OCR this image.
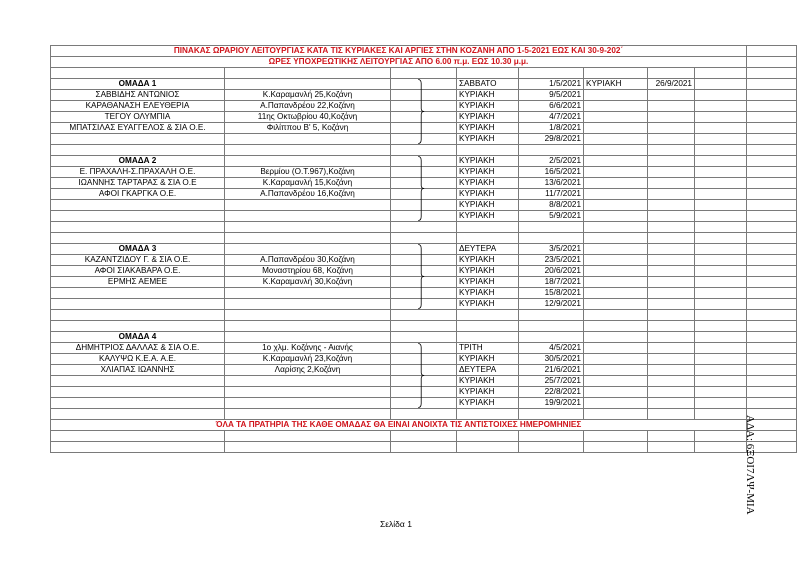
ΠΙΝΑΚΑΣ ΩΡΑΡΙΟΥ ΛΕΙΤΟΥΡΓΙΑΣ ΚΑΤΑ ΤΙΣ ΚΥΡΙΑΚΕΣ ΚΑΙ ΑΡΓΙΕΣ ΣΤΗΝ ΚΟΖΑΝΗ ΑΠΟ 1-5-2021 ΕΩΣ ΚΑΙ 30-9-202΄								
ΩΡΕΣ ΥΠΟΧΡΕΩΤΙΚΗΣ ΛΕΙΤΟΥΡΓΙΑΣ ΑΠΟ 6.00 π.μ. ΕΩΣ 10.30 μ.μ.								

ΟΜΑΔΑ 1			ΣΑΒΒΑΤΟ	1/5/2021	ΚΥΡΙΑΚΗ	26/9/2021		
ΣΑΒΒΙΔΗΣ ΑΝΤΩΝΙΟΣ	Κ.Καραμανλή 25,Κοζάνη		ΚΥΡΙΑΚΗ	9/5/2021				
ΚΑΡΑΘΑΝΑΣΗ ΕΛΕΥΘΕΡΙΑ	Α.Παπανδρέου 22,Κοζάνη		ΚΥΡΙΑΚΗ	6/6/2021				
ΤΕΓΟΥ ΟΛΥΜΠΙΑ	11ης Οκτωβρίου 40,Κοζάνη		ΚΥΡΙΑΚΗ	4/7/2021				
ΜΠΑΤΣΙΛΑΣ ΕΥΑΓΓΕΛΟΣ & ΣΙΑ Ο.Ε.	Φιλίππου Β' 5, Κοζάνη		ΚΥΡΙΑΚΗ	1/8/2021				
			ΚΥΡΙΑΚΗ	29/8/2021				

ΟΜΑΔΑ 2			ΚΥΡΙΑΚΗ	2/5/2021				
Ε. ΠΡΑΧΑΛΗ-Σ.ΠΡΑΧΑΛΗ Ο.Ε.	Βερμίου (Ο.Τ.967),Κοζάνη		ΚΥΡΙΑΚΗ	16/5/2021				
ΙΩΑΝΝΗΣ ΤΑΡΤΑΡΑΣ & ΣΙΑ Ο.Ε	Κ.Καραμανλή 15,Κοζάνη		ΚΥΡΙΑΚΗ	13/6/2021				
ΑΦΟΙ ΓΚΑΡΓΚΑ Ο.Ε.	Α.Παπανδρέου 16,Κοζάνη		ΚΥΡΙΑΚΗ	11/7/2021				
			ΚΥΡΙΑΚΗ	8/8/2021				
			ΚΥΡΙΑΚΗ	5/9/2021				

ΟΜΑΔΑ 3			ΔΕΥΤΕΡΑ	3/5/2021				
ΚΑΖΑΝΤΖΙΔΟΥ Γ. & ΣΙΑ Ο.Ε.	Α.Παπανδρέου 30,Κοζάνη		ΚΥΡΙΑΚΗ	23/5/2021				
ΑΦΟΙ ΣΙΑΚΑΒΑΡΑ Ο.Ε.	Μοναστηρίου 68, Κοζάνη		ΚΥΡΙΑΚΗ	20/6/2021				
ΕΡΜΗΣ ΑΕΜΕΕ	Κ.Καραμανλή 30,Κοζάνη		ΚΥΡΙΑΚΗ	18/7/2021				
			ΚΥΡΙΑΚΗ	15/8/2021				
			ΚΥΡΙΑΚΗ	12/9/2021				

ΟΜΑΔΑ 4								
ΔΗΜΗΤΡΙΟΣ ΔΑΛΛΑΣ & ΣΙΑ Ο.Ε.	1ο χλμ. Κοζάνης - Αιανής		ΤΡΙΤΗ	4/5/2021				
ΚΑΛΥΨΩ Κ.Ε.Α. Α.Ε.	Κ.Καραμανλή 23,Κοζάνη		ΚΥΡΙΑΚΗ	30/5/2021				
ΧΛΙΑΠΑΣ ΙΩΑΝΝΗΣ	Λαρίσης 2,Κοζάνη		ΔΕΥΤΕΡΑ	21/6/2021				
			ΚΥΡΙΑΚΗ	25/7/2021				
			ΚΥΡΙΑΚΗ	22/8/2021				
			ΚΥΡΙΑΚΗ	19/9/2021				

ΌΛΑ ΤΑ ΠΡΑΤΗΡΙΑ ΤΗΣ ΚΑΘΕ ΟΜΑΔΑΣ ΘΑ ΕΙΝΑΙ ΑΝΟΙΧΤΑ ΤΙΣ ΑΝΤΙΣΤΟΙΧΕΣ ΗΜΕΡΟΜΗΝΙΕΣ								

Σελίδα 1
ΑΔΑ: 6ΞΟΙ7ΛΨ-ΜΙΑ
